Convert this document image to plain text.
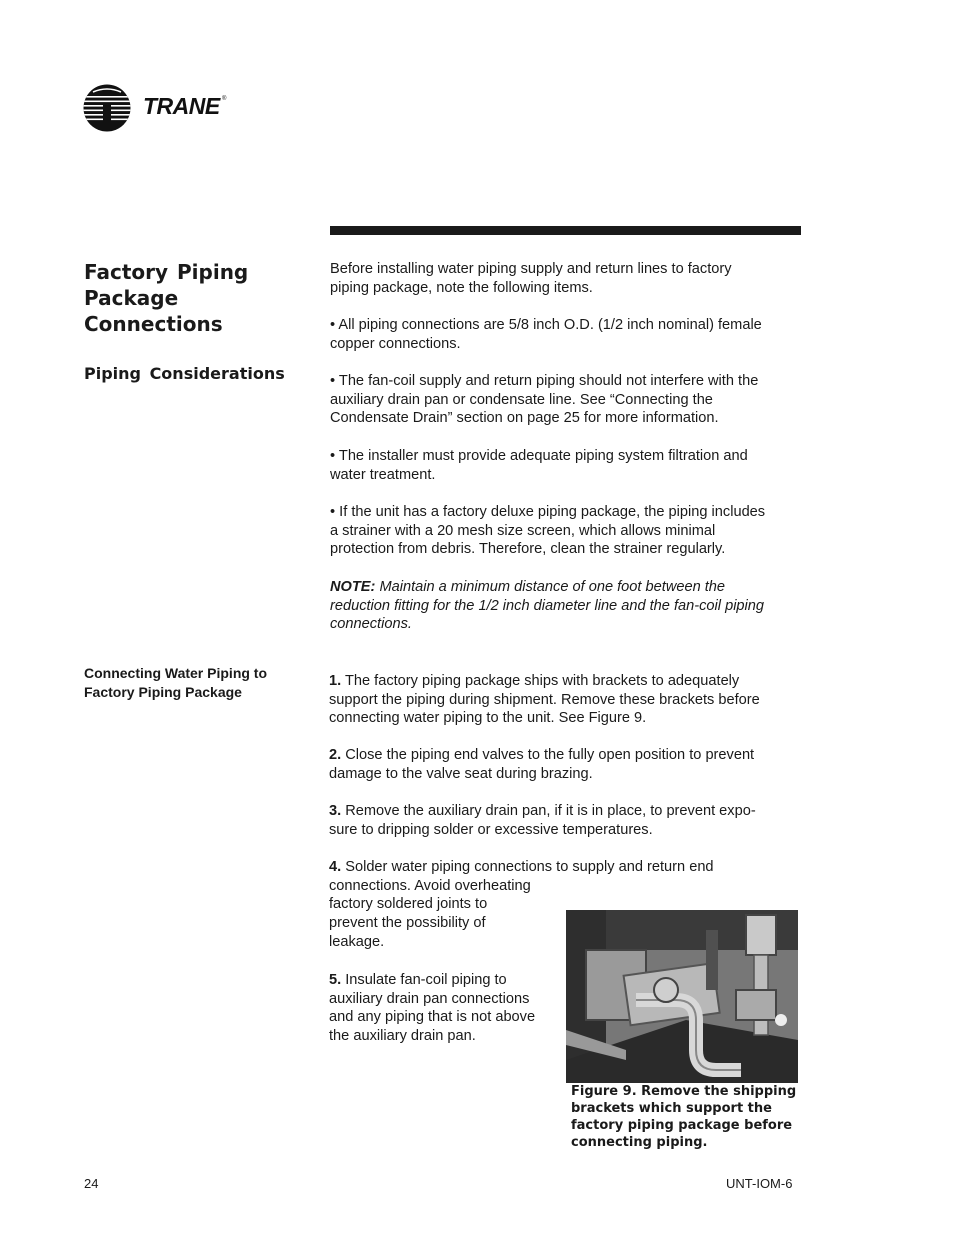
TRANE ®
Factory Piping
Package
Connections
Piping Considerations
Connecting Water Piping to
Factory Piping Package
Before installing water piping supply and return lines to factory
piping package, note the following items.
• All piping connections are 5/8 inch O.D. (1/2 inch nominal) female
copper connections.
• The fan-coil supply and return piping should not interfere with the
auxiliary drain pan or condensate line. See “Connecting the
Condensate Drain” section on page 25 for more information.
• The installer must provide adequate piping system filtration and
water treatment.
• If the unit has a factory deluxe piping package, the piping includes
a strainer with a 20 mesh size screen, which allows minimal
protection from debris. Therefore, clean the strainer regularly.
NOTE: Maintain a minimum distance of one foot between the
reduction fitting for the 1/2 inch diameter line and the fan-coil piping
connections.
1. The factory piping package ships with brackets to adequately
support the piping during shipment. Remove these brackets before
connecting water piping to the unit. See Figure 9.
2. Close the piping end valves to the fully open position to prevent
damage to the valve seat during brazing.
3. Remove the auxiliary drain pan, if it is in place, to prevent expo-
sure to dripping solder or excessive temperatures.
4. Solder water piping connections to supply and return end
connections. Avoid overheating
factory soldered joints to
prevent the possibility of
leakage.
5. Insulate fan-coil piping to
auxiliary drain pan connections
and any piping that is not above
the auxiliary drain pan.
Figure 9. Remove the shipping
brackets which support the
factory piping package before
connecting piping.
24	UNT-IOM-6
